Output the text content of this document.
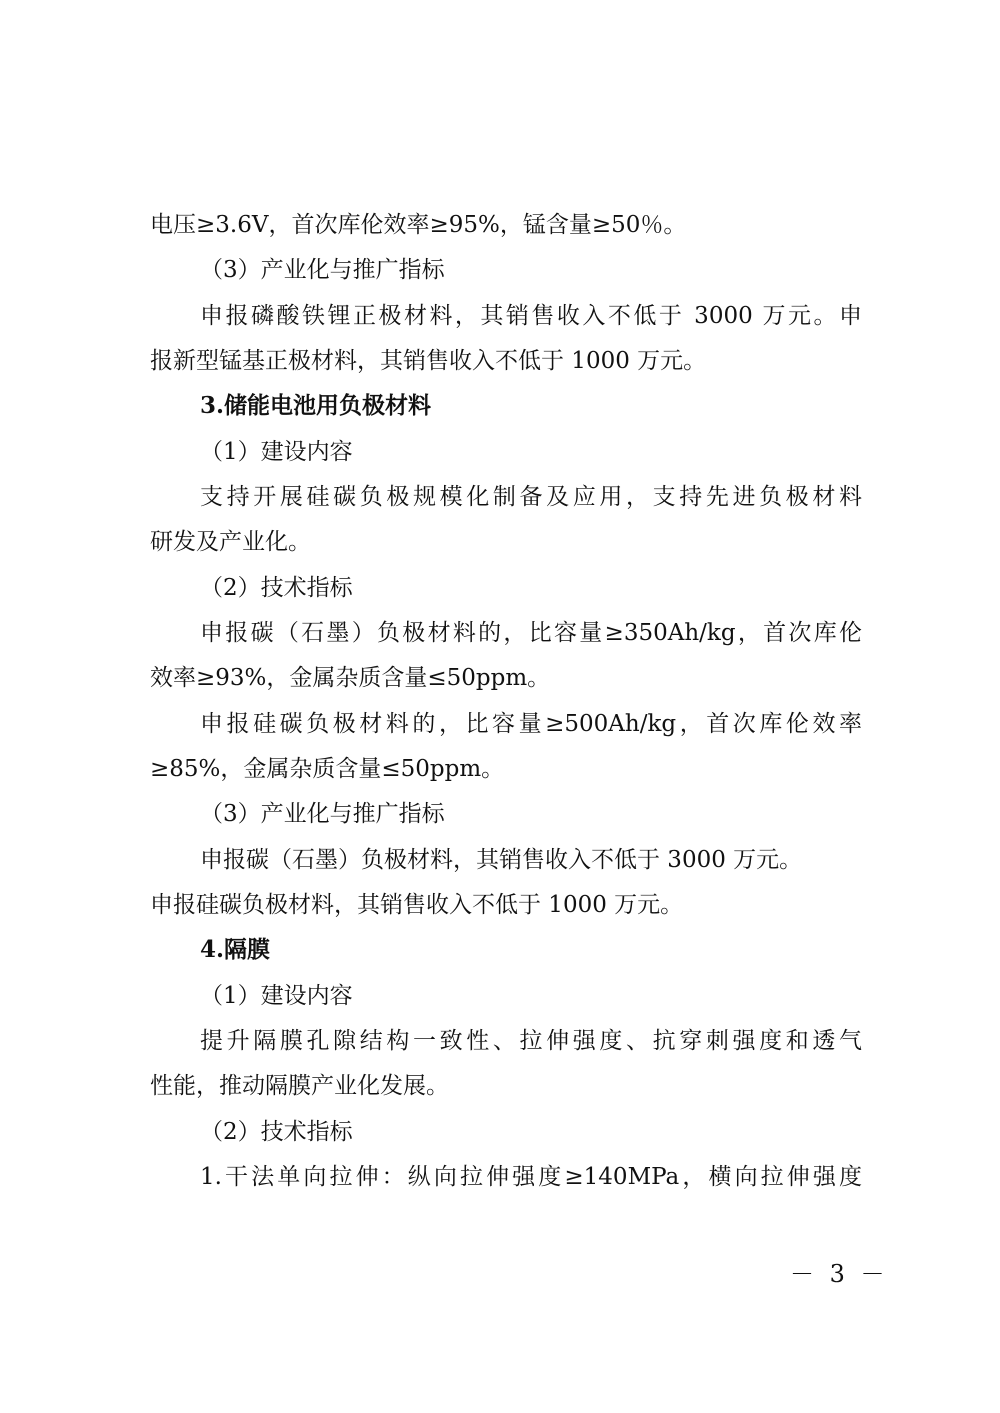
电压≥3.6V，首次库伦效率≥95%，锰含量≥50％。
（3）产业化与推广指标
申报磷酸铁锂正极材料，其销售收入不低于 3000 万元。申
报新型锰基正极材料，其销售收入不低于 1000 万元。
3.储能电池用负极材料
（1）建设内容
支持开展硅碳负极规模化制备及应用，支持先进负极材料
研发及产业化。
（2）技术指标
申报碳（石墨）负极材料的，比容量≥350Ah/kg，首次库伦
效率≥93%，金属杂质含量≤50ppm。
申报硅碳负极材料的，比容量≥500Ah/kg，首次库伦效率
≥85%，金属杂质含量≤50ppm。
（3）产业化与推广指标
申报碳（石墨）负极材料，其销售收入不低于 3000 万元。
申报硅碳负极材料，其销售收入不低于 1000 万元。
4.隔膜
（1）建设内容
提升隔膜孔隙结构一致性、拉伸强度、抗穿刺强度和透气
性能，推动隔膜产业化发展。
（2）技术指标
1.干法单向拉伸：纵向拉伸强度≥140MPa，横向拉伸强度
－ 3 －
